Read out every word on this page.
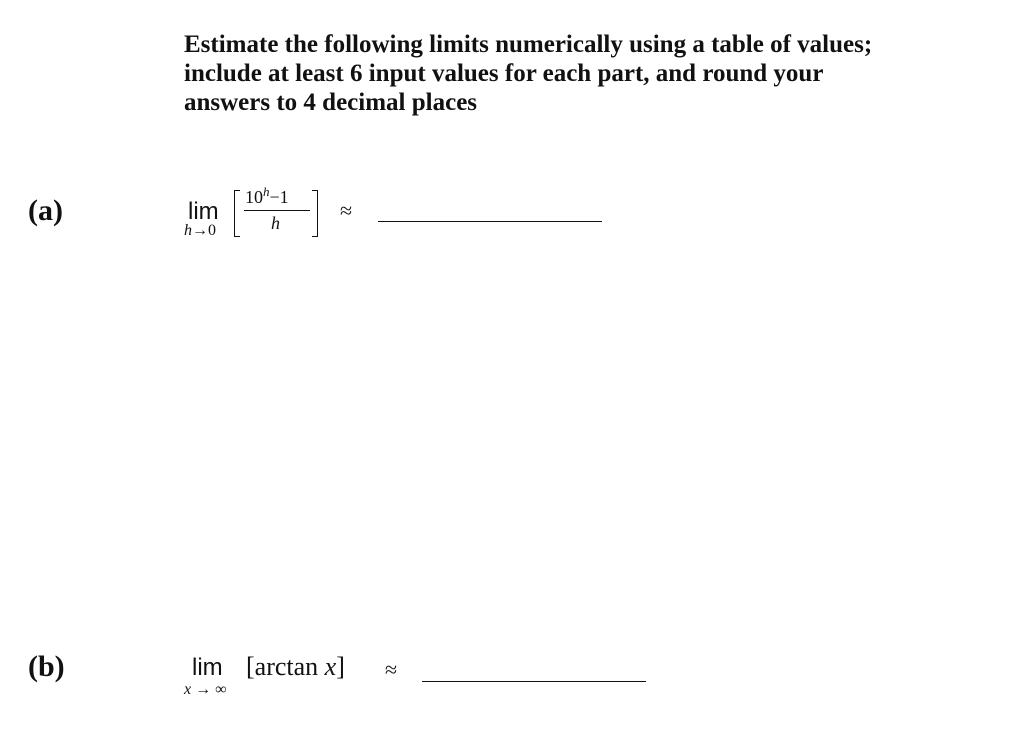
Estimate the following limits numerically using a table of values;
include at least 6 input values for each part, and round your
answers to 4 decimal places
(a)	lim
h→0
$10^h-1$
h	≈
(b)	lim
x → ∞
[arctan x] ≈
